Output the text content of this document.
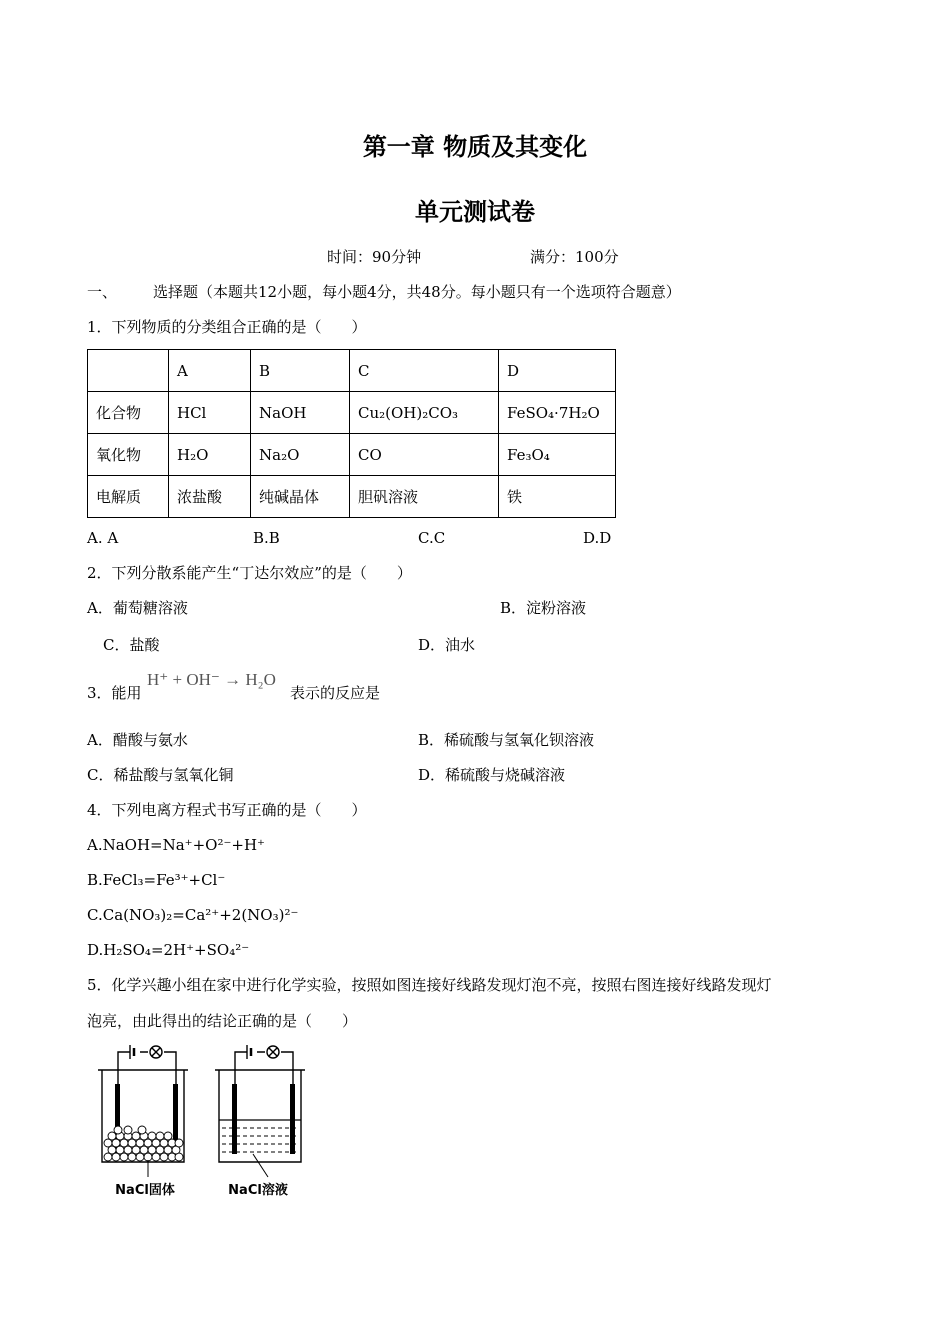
第一章 物质及其变化
单元测试卷
时间：90分钟	满分：100分
一、 选择题（本题共12小题，每小题4分，共48分。每小题只有一个选项符合题意）
1．下列物质的分类组合正确的是（　　）
	A	B	C	D
化合物	HCl	NaOH	Cu₂(OH)₂CO₃	FeSO₄·7H₂O
氧化物	H₂O	Na₂O	CO	Fe₃O₄
电解质	浓盐酸	纯碱晶体	胆矾溶液	铁
A. A	B.B	C.C	D.D
2．下列分散系能产生“丁达尔效应”的是（　　）
A．葡萄糖溶液	B．淀粉溶液
C．盐酸	D．油水
3．能用
H⁺ + OH⁻ → H₂O
表示的反应是
A．醋酸与氨水	B．稀硫酸与氢氧化钡溶液
C．稀盐酸与氢氧化铜	D．稀硫酸与烧碱溶液
4．下列电离方程式书写正确的是（　　）
A.NaOH=Na⁺+O²⁻+H⁺
B.FeCl₃=Fe³⁺+Cl⁻
C.Ca(NO₃)₂=Ca²⁺+2(NO₃)²⁻
D.H₂SO₄=2H⁺+SO₄²⁻
5．化学兴趣小组在家中进行化学实验，按照如图连接好线路发现灯泡不亮，按照右图连接好线路发现灯
泡亮，由此得出的结论正确的是（　　）
NaCl固体	NaCl溶液
